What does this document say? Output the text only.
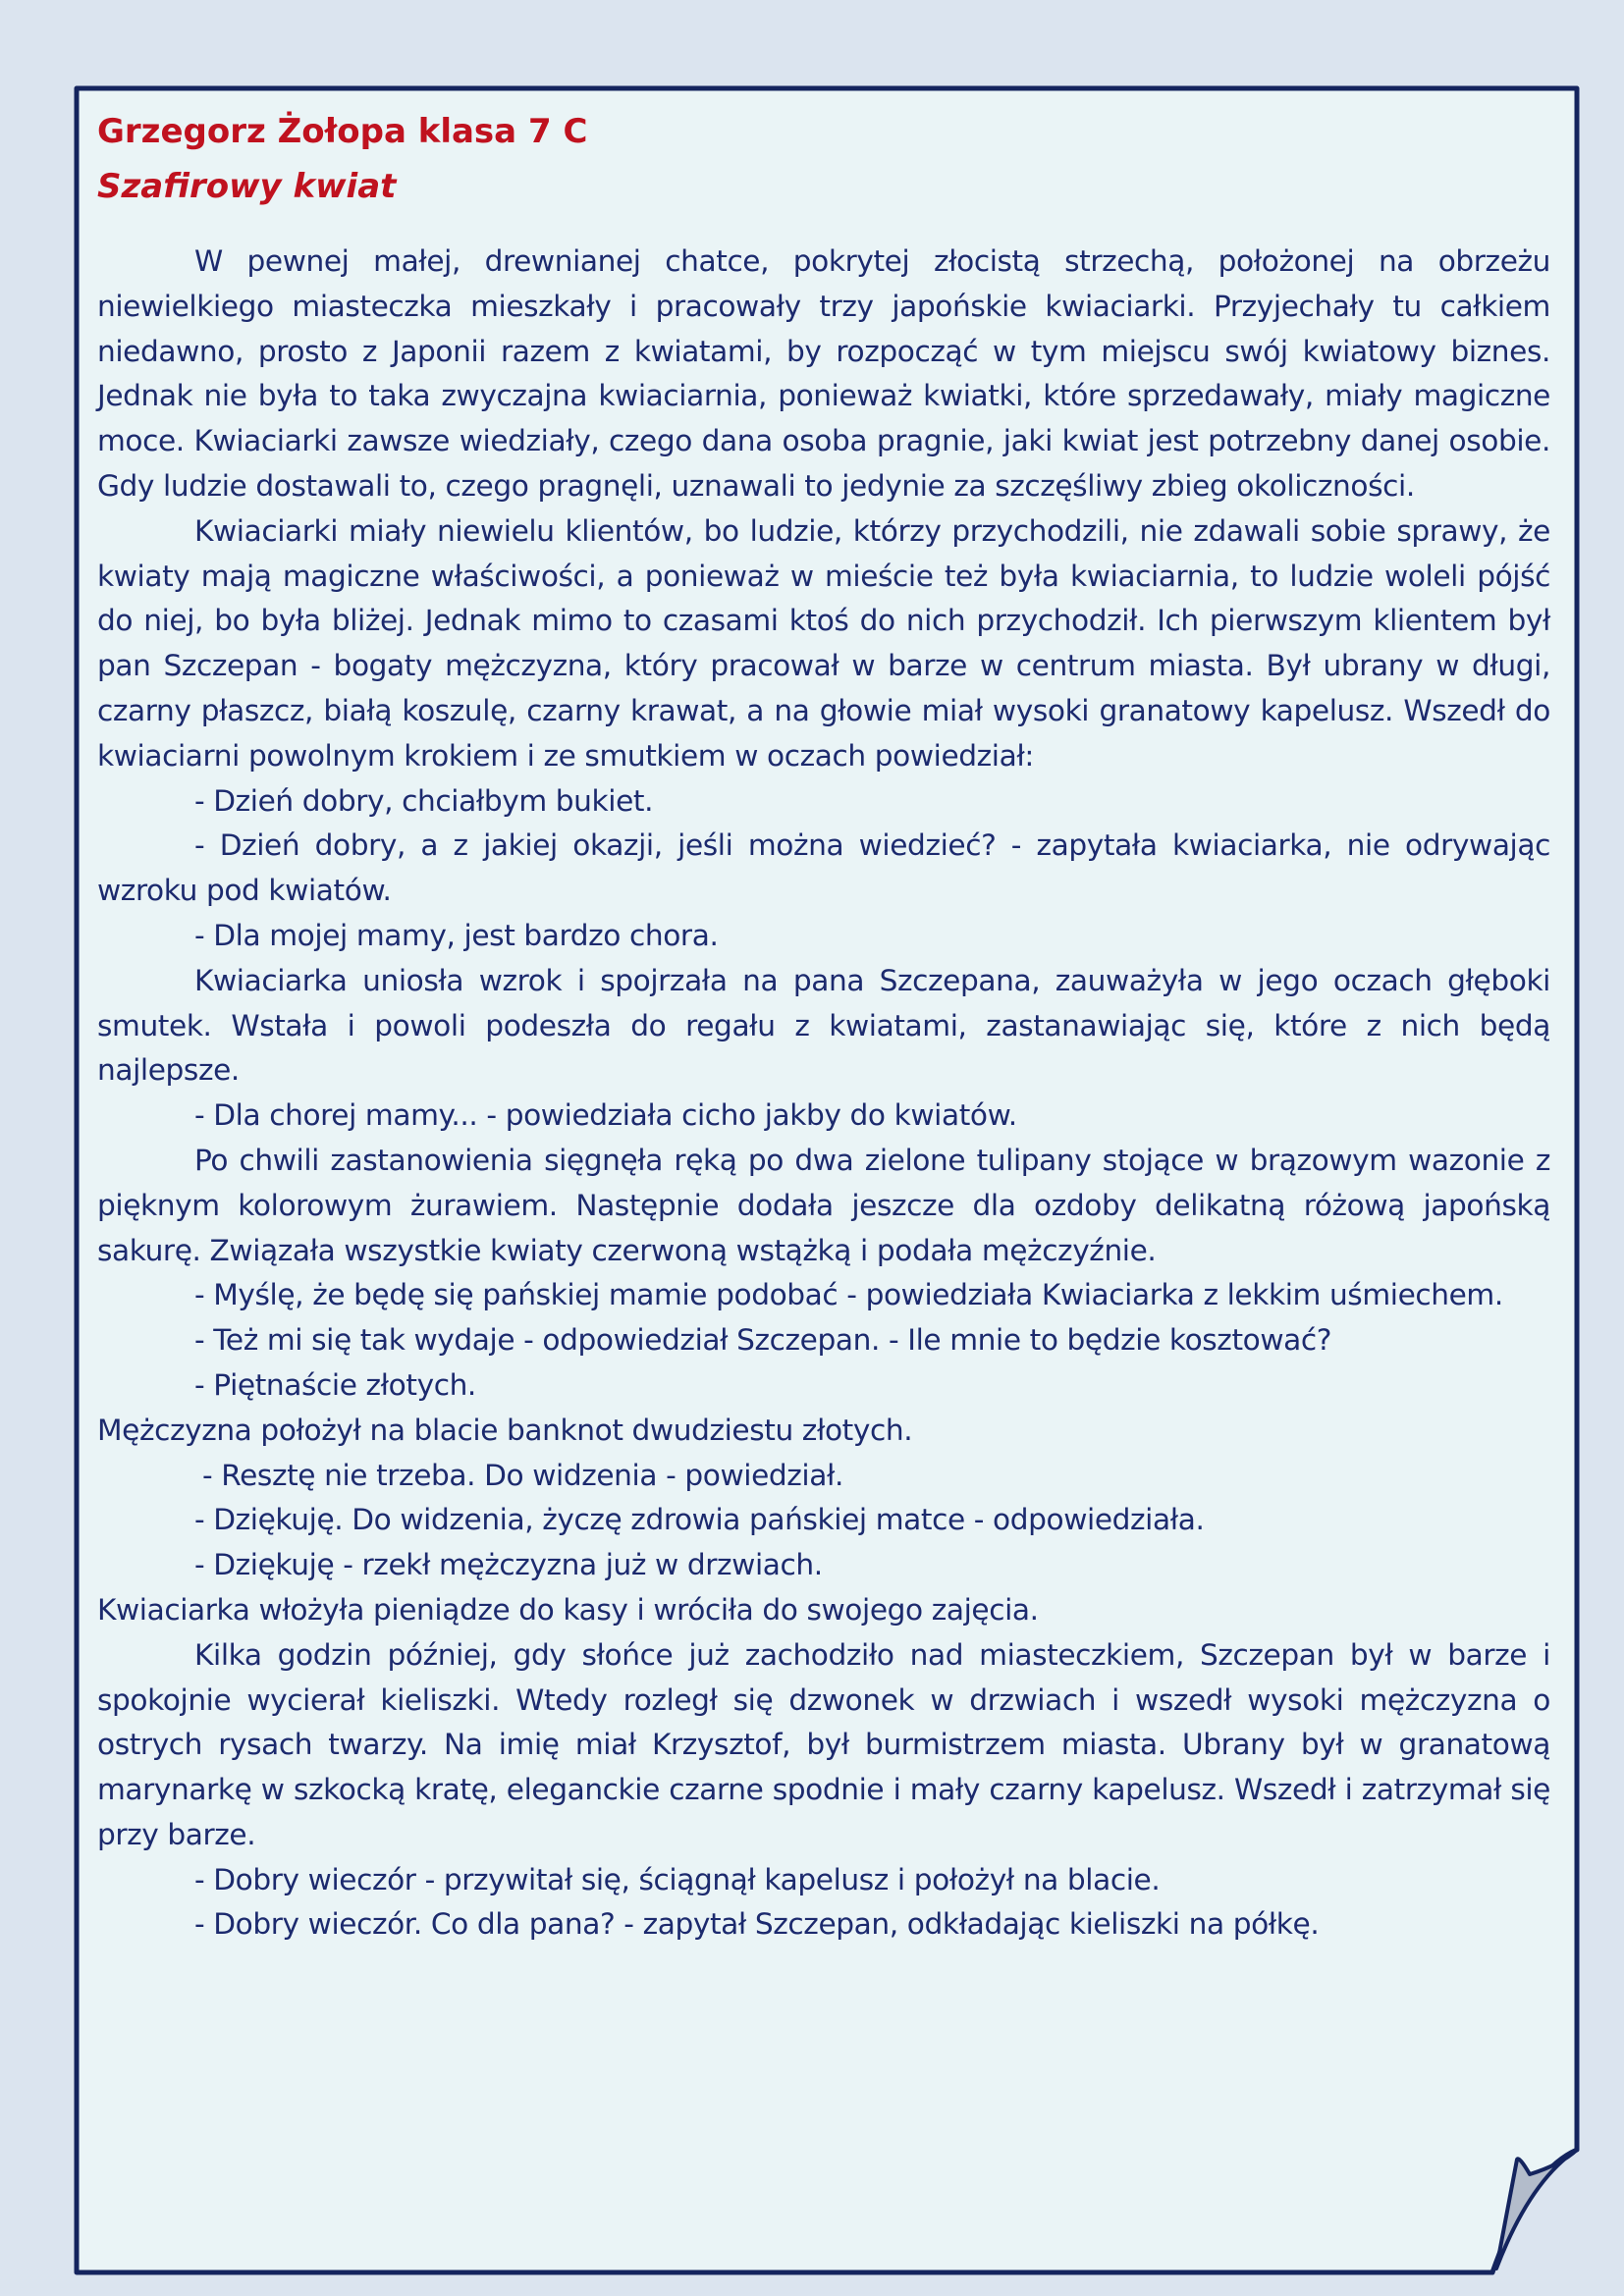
Grzegorz Żołopa klasa 7 C
Szafirowy kwiat

W pewnej małej, drewnianej chatce, pokrytej złocistą strzechą, położonej na obrzeżu niewielkiego miasteczka mieszkały i pracowały trzy japońskie kwiaciarki. Przyjechały tu całkiem niedawno, prosto z Japonii razem z kwiatami, by rozpocząć w tym miejscu swój kwiatowy biznes. Jednak nie była to taka zwyczajna kwiaciarnia, ponieważ kwiatki, które sprzedawały, miały magiczne moce. Kwiaciarki zawsze wiedziały, czego dana osoba pragnie, jaki kwiat jest potrzebny danej osobie. Gdy ludzie dostawali to, czego pragnęli, uznawali to jedynie za szczęśliwy zbieg okoliczności.

Kwiaciarki miały niewielu klientów, bo ludzie, którzy przychodzili, nie zdawali sobie sprawy, że kwiaty mają magiczne właściwości, a ponieważ w mieście też była kwiaciarnia, to ludzie woleli pójść do niej, bo była bliżej. Jednak mimo to czasami ktoś do nich przychodził. Ich pierwszym klientem był pan Szczepan - bogaty mężczyzna, który pracował w barze w centrum miasta. Był ubrany w długi, czarny płaszcz, białą koszulę, czarny krawat, a na głowie miał wysoki granatowy kapelusz. Wszedł do kwiaciarni powolnym krokiem i ze smutkiem w oczach powiedział:

- Dzień dobry, chciałbym bukiet.

- Dzień dobry, a z jakiej okazji, jeśli można wiedzieć? - zapytała kwiaciarka, nie odrywając wzroku pod kwiatów.

- Dla mojej mamy, jest bardzo chora.

Kwiaciarka uniosła wzrok i spojrzała na pana Szczepana, zauważyła w jego oczach głęboki smutek. Wstała i powoli podeszła do regału z kwiatami, zastanawiając się, które z nich będą najlepsze.

- Dla chorej mamy... - powiedziała cicho jakby do kwiatów.

Po chwili zastanowienia sięgnęła ręką po dwa zielone tulipany stojące w brązowym wazonie z pięknym kolorowym żurawiem. Następnie dodała jeszcze dla ozdoby delikatną różową japońską sakurę. Związała wszystkie kwiaty czerwoną wstążką i podała mężczyźnie.

- Myślę, że będę się pańskiej mamie podobać - powiedziała Kwiaciarka z lekkim uśmiechem.

- Też mi się tak wydaje - odpowiedział Szczepan. - Ile mnie to będzie kosztować?

- Piętnaście złotych.

Mężczyzna położył na blacie banknot dwudziestu złotych.

- Resztę nie trzeba. Do widzenia - powiedział.

- Dziękuję. Do widzenia, życzę zdrowia pańskiej matce - odpowiedziała.

- Dziękuję - rzekł mężczyzna już w drzwiach.

Kwiaciarka włożyła pieniądze do kasy i wróciła do swojego zajęcia.

Kilka godzin później, gdy słońce już zachodziło nad miasteczkiem, Szczepan był w barze i spokojnie wycierał kieliszki. Wtedy rozległ się dzwonek w drzwiach i wszedł wysoki mężczyzna o ostrych rysach twarzy. Na imię miał Krzysztof, był burmistrzem miasta. Ubrany był w granatową marynarkę w szkocką kratę, eleganckie czarne spodnie i mały czarny kapelusz. Wszedł i zatrzymał się przy barze.

- Dobry wieczór - przywitał się, ściągnął kapelusz i położył na blacie.

- Dobry wieczór. Co dla pana? - zapytał Szczepan, odkładając kieliszki na półkę.
